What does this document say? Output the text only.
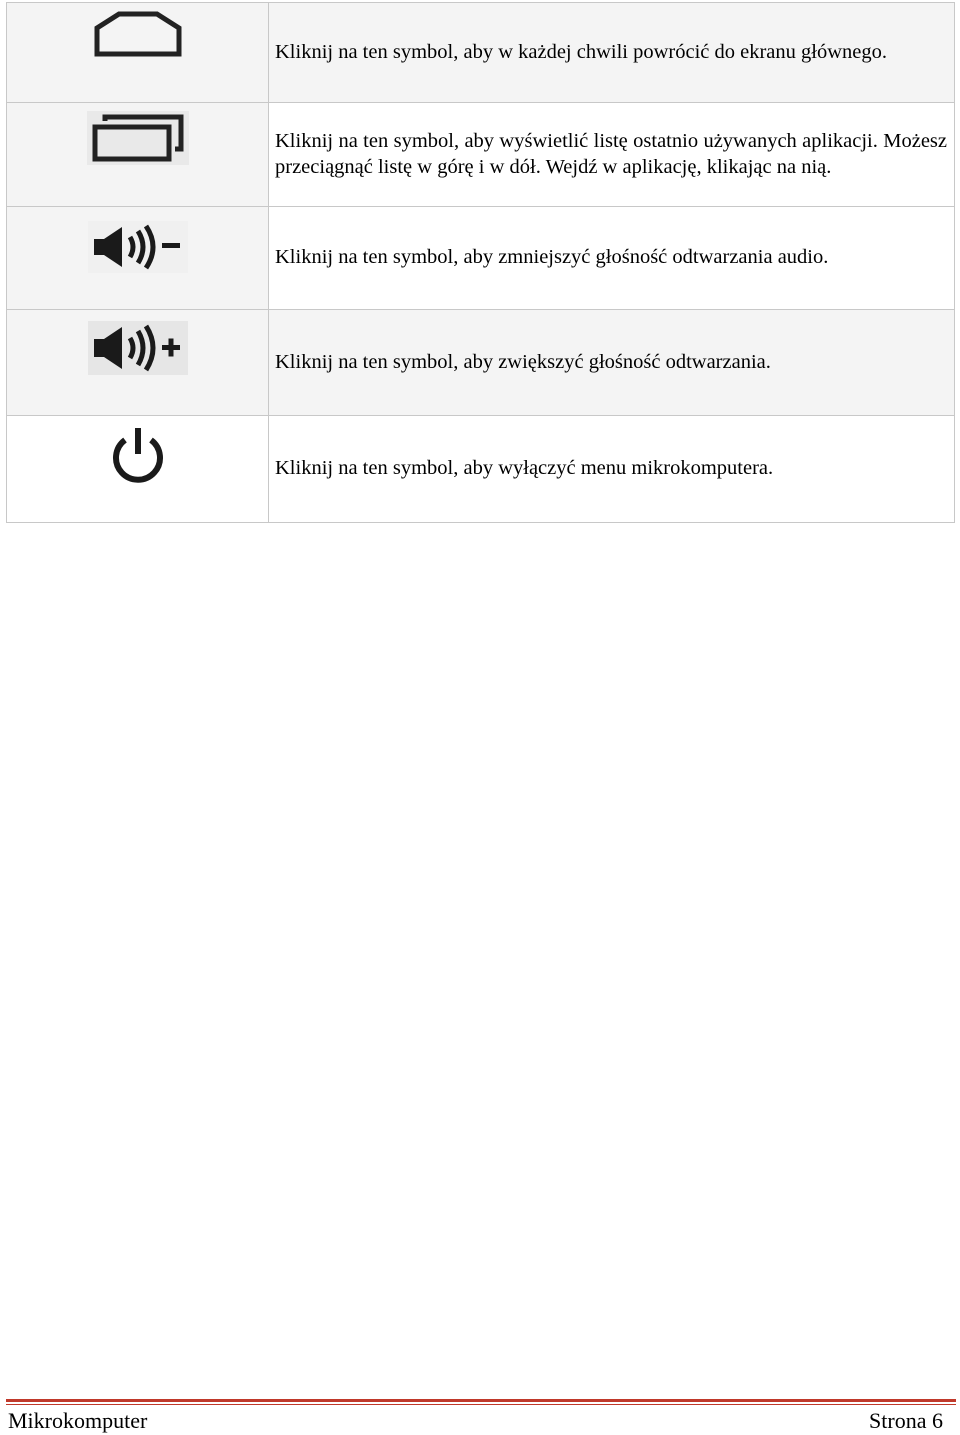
	Kliknij na ten symbol, aby w każdej chwili powrócić do ekranu głównego.

	Kliknij na ten symbol, aby wyświetlić listę ostatnio używanych aplikacji. Możesz przeciągnąć listę w górę i w dół. Wejdź w aplikację, klikając na nią.

	Kliknij na ten symbol, aby zmniejszyć głośność odtwarzania audio.

	Kliknij na ten symbol, aby zwiększyć głośność odtwarzania.

	Kliknij na ten symbol, aby wyłączyć menu mikrokomputera.
Mikrokomputer	Strona 6
